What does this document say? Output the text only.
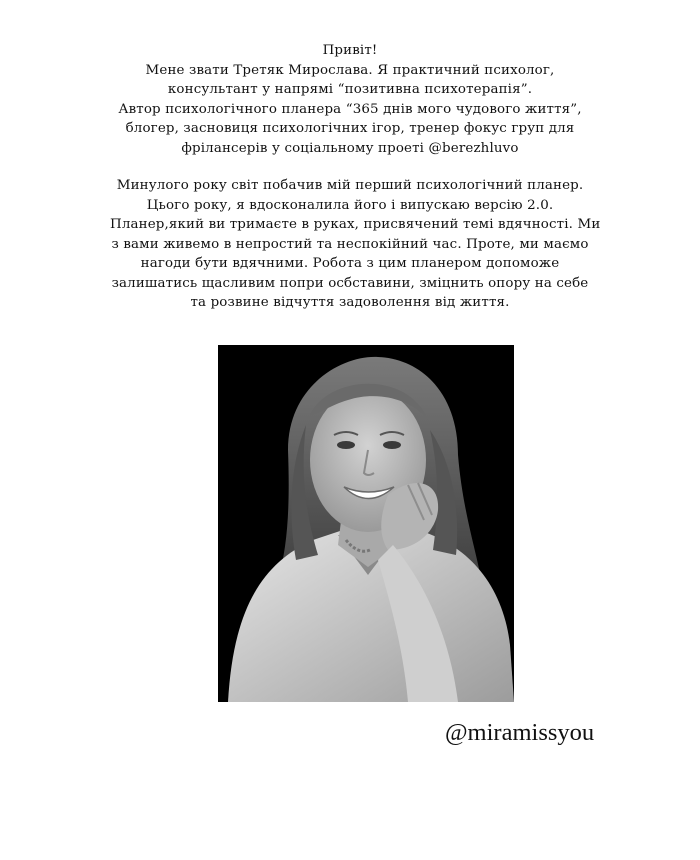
Привіт!
Мене звати Третяк Мирослава. Я практичний психолог,
консультант у напрямі “позитивна психотерапія”.
Автор психологічного планера “365 днів мого чудового життя”,
блогер, засновиця психологічних ігор, тренер фокус груп для
фрілансерів у соціальному проеті @berezhluvo
Минулого року світ побачив мій перший психологічний планер.
Цього року, я вдосконалила його і випускаю версію 2.0.
Планер,який ви тримаєте в руках, присвячений темі вдячності. Ми
з вами живемо в непростий та неспокійний час. Проте, ми маємо
нагоди бути вдячними. Робота з цим планером допоможе
залишатись щасливим попри осбставини, зміцнить опору на себе
та розвине відчуття задоволення від життя.
@miramissyou
